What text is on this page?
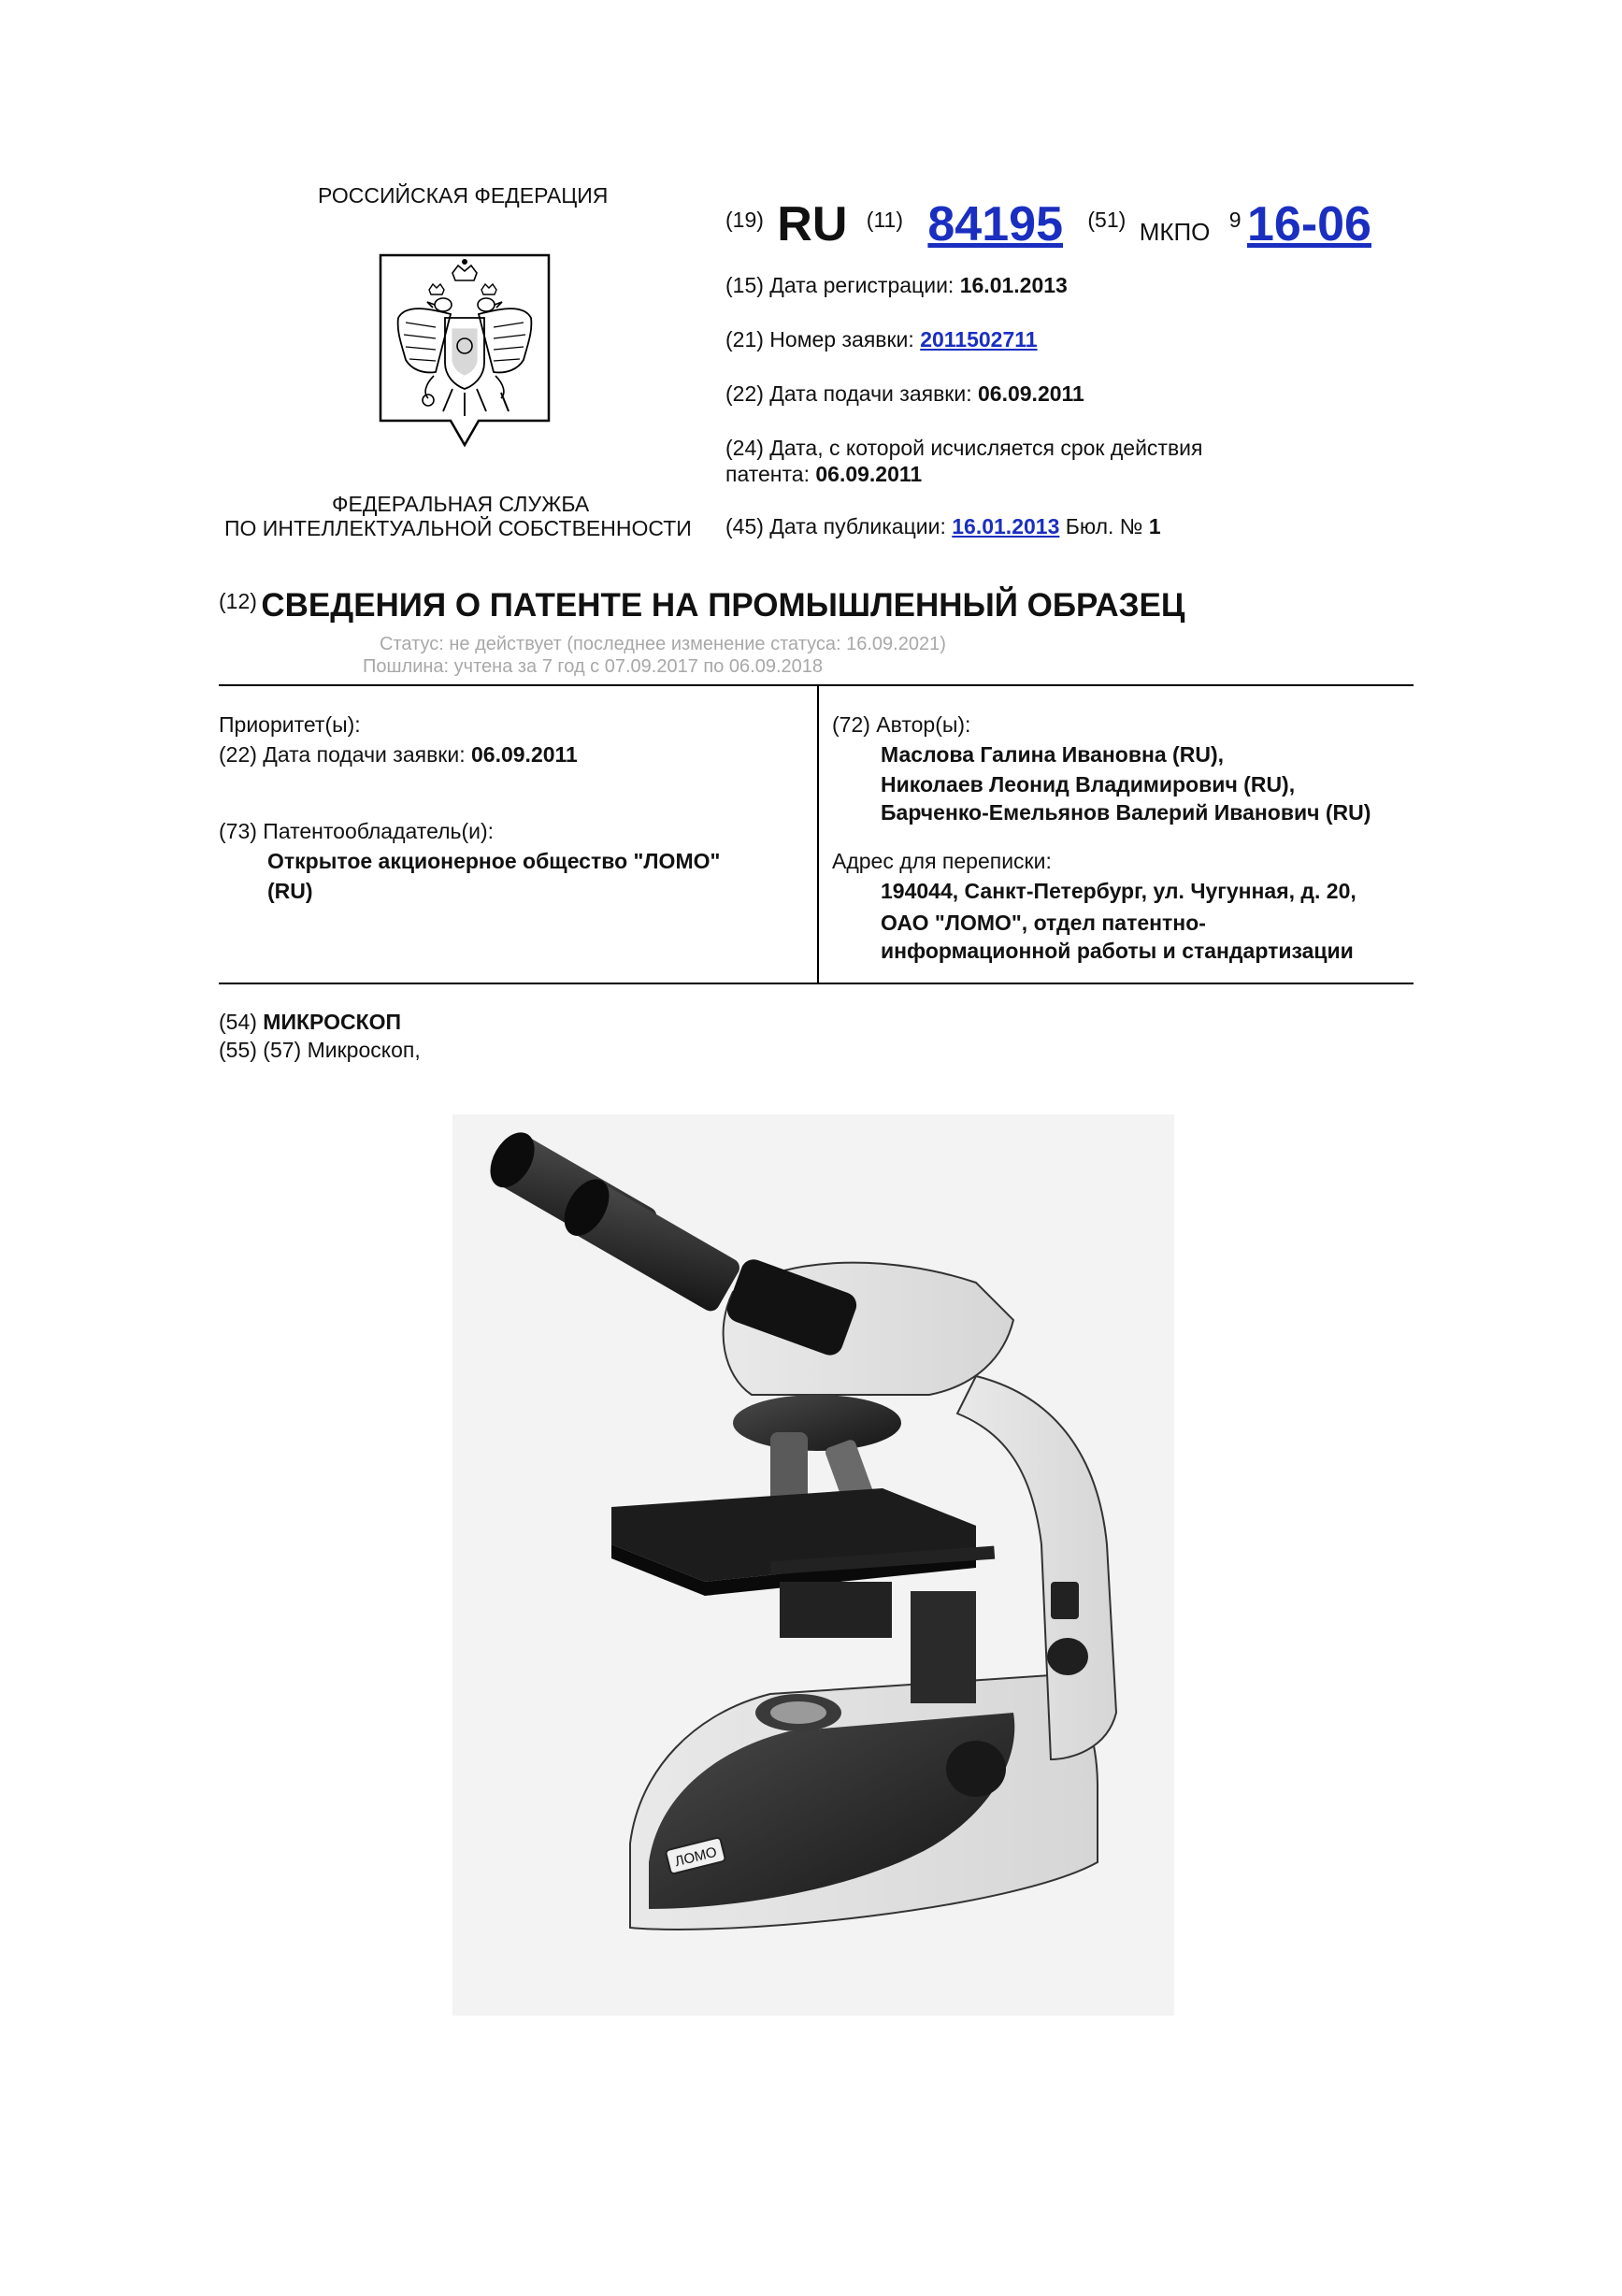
РОССИЙСКАЯ ФЕДЕРАЦИЯ
ФЕДЕРАЛЬНАЯ СЛУЖБА
ПО ИНТЕЛЛЕКТУАЛЬНОЙ СОБСТВЕННОСТИ
(19) RU (11) 84195 (51) МКПО 9 16-06
(15) Дата регистрации: 16.01.2013
(21) Номер заявки: 2011502711
(22) Дата подачи заявки: 06.09.2011
(24) Дата, с которой исчисляется срок действия
патента: 06.09.2011
(45) Дата публикации: 16.01.2013 Бюл. № 1
(12) СВЕДЕНИЯ О ПАТЕНТЕ НА ПРОМЫШЛЕННЫЙ ОБРАЗЕЦ
Статус: не действует (последнее изменение статуса: 16.09.2021)
Пошлина: учтена за 7 год с 07.09.2017 по 06.09.2018
Приоритет(ы):
(22) Дата подачи заявки: 06.09.2011
(73) Патентообладатель(и):
Открытое акционерное общество "ЛОМО"
(RU)
(72) Автор(ы):
Маслова Галина Ивановна (RU),
Николаев Леонид Владимирович (RU),
Барченко-Емельянов Валерий Иванович (RU)
Адрес для переписки:
194044, Санкт-Петербург, ул. Чугунная, д. 20,
ОАО "ЛОМО", отдел патентно-
информационной работы и стандартизации
(54) МИКРОСКОП
(55) (57) Микроскоп,
ЛОМО
